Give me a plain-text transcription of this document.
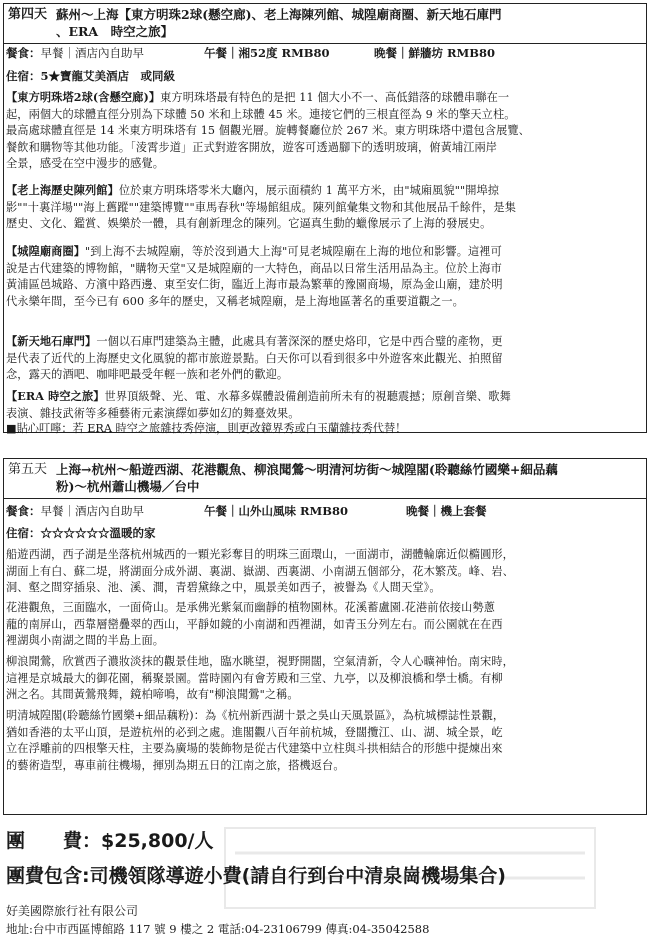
第四天 蘇州～上海【東方明珠2球(懸空廊)、老上海陳列館、城隍廟商圈、新天地石庫門
、ERA　時空之旅】
餐食：早餐｜酒店內自助早	午餐｜湘52度 RMB80	晚餐｜鮮牆坊 RMB80
住宿：5★寶龍艾美酒店　或同級
【東方明珠塔2球(含懸空廊)】東方明珠塔最有特色的是把 11 個大小不一、高低錯落的球體串聯在一
起，兩個大的球體直徑分別為下球體 50 米和上球體 45 米。連接它們的三根直徑為 9 米的擎天立柱。
最高處球體直徑是 14 米東方明珠塔有 15 個觀光層。旋轉餐廳位於 267 米。東方明珠塔中還包含展覽、
餐飲和購物等其他功能。「淩霄步道」正式對遊客開放，遊客可透過腳下的透明玻璃，俯黃埔江兩岸
全景，感受在空中漫步的感覺。
【老上海歷史陳列館】位於東方明珠塔零米大廳內，展示面積約 1 萬平方米，由"城廂風貌""開埠掠
影""十裏洋場""海上舊蹤""建築博覽""車馬春秋"等場館組成。陳列館彙集文物和其他展品千餘件，是集
歷史、文化、鑑賞、娛樂於一體，具有創新理念的陳列。它逼真生動的蠟像展示了上海的發展史。
【城隍廟商圈】"到上海不去城隍廟，等於沒到過大上海"可見老城隍廟在上海的地位和影響。這裡可
說是古代建築的博物館，"購物天堂"又是城隍廟的一大特色，商品以日常生活用品為主。位於上海市
黃浦區邑城路、方濱中路西邊、東至安仁街，臨近上海市最為繁華的豫園商場，原為金山廟，建於明
代永樂年間，至今已有 600 多年的歷史，又稱老城隍廟，是上海地區著名的重要道觀之一。
【新天地石庫門】一個以石庫門建築為主體，此處具有著深深的歷史烙印，它是中西合璧的產物，更
是代表了近代的上海歷史文化風貌的都市旅遊景點。白天你可以看到很多中外遊客來此觀光、拍照留
念，露天的酒吧、咖啡吧最受年輕一族和老外們的歡迎。
【ERA 時空之旅】世界頂級聲、光、電、水幕多媒體設備創造前所未有的視聽震撼；原創音樂、歌舞
表演、雜技武術等多種藝術元素演繹如夢如幻的舞臺效果。
■貼心叮嚀：若 ERA 時空之旅雜技秀停演，則更改鏡界秀或白玉蘭雜技秀代替！
第五天 上海→杭州～船遊西湖、花港觀魚、柳浪聞鶯～明清河坊街～城隍閣(聆聽絲竹國樂+細品藕
粉)～杭州蕭山機場／台中
餐食：早餐｜酒店內自助早	午餐｜山外山風味 RMB80	晚餐｜機上套餐
住宿：☆☆☆☆☆☆溫暖的家
船遊西湖，西子湖是坐落杭州城西的一顆光彩奪目的明珠三面環山，一面湖市，湖體輪廓近似橢圓形，
湖面上有白、蘇二堤，將湖面分成外湖、裏湖、嶽湖、西裏湖、小南湖五個部分，花木繁茂。峰、岩、
洞、壑之間穿插泉、池、溪、澗，青碧黛綠之中，風景美如西子，被譽為《人間天堂》。
花港觀魚，三面臨水，一面倚山。是承佛光紫氣而幽靜的植物園林。花溪蓄盧園.花港前依接山勢蔥
蘢的南屏山，西靠層巒疊翠的西山，平靜如鏡的小南湖和西裡湖，如青玉分列左右。而公園就在在西
裡湖與小南湖之間的半島上面。
柳浪聞鶯，欣賞西子濃妝淡抹的觀景佳地，臨水眺望，視野開闊，空氣清新，令人心曠神怡。南宋時，
這裡是京城最大的御花園，稱聚景園。當時園內有會芳殿和三堂、九亭，以及柳浪橋和學士橋。有柳
洲之名。其間黃鶯飛舞，鏡柏啼鳴，故有"柳浪聞鶯"之稱。
明清城隍閣(聆聽絲竹國樂+細品藕粉)：為《杭州新西湖十景之吳山天風景區》，為杭城標誌性景觀，
猶如香港的太平山頂，是遊杭州的必到之處。進閣觀八百年前杭城，登闊攬江、山、湖、城全景，屹
立在浮雕前的四根擎天柱，主要為廣場的裝飾物是從古代建築中立柱與斗拱相結合的形態中提煉出來
的藝術造型，專車前往機場，揮別為期五日的江南之旅，搭機返台。
團　　費：$25,800/人
團費包含:司機領隊導遊小費(請自行到台中清泉崗機場集合)
好美國際旅行社有限公司
地址:台中市西區博館路 117 號 9 樓之 2 電話:04-23106799 傳真:04-35042588
